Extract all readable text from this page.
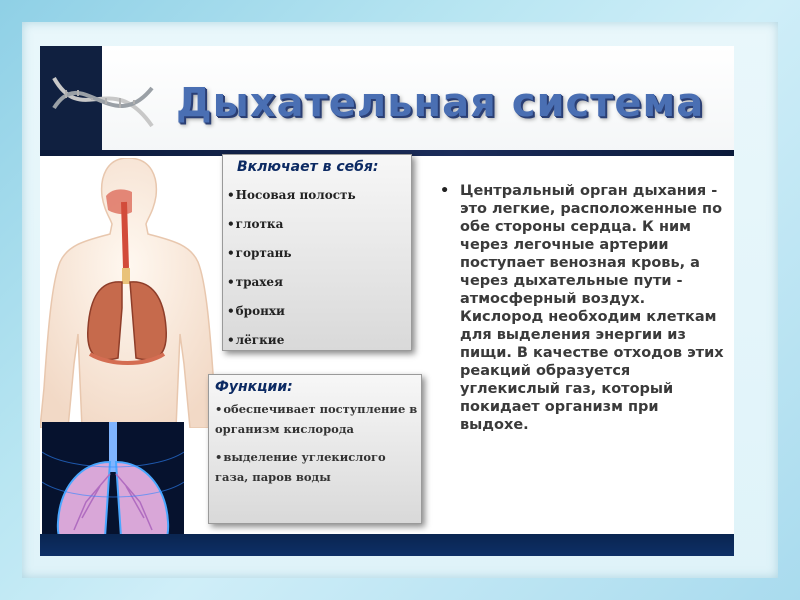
Дыхательная система
Включает в себя:
• Носовая полость
• глотка
• гортань
• трахея
• бронхи
• лёгкие
Функции:
• обеспечивает поступление в организм кислорода
• выделение углекислого газа, паров воды
• Центральный орган дыхания - это легкие, расположенные по обе стороны сердца. К ним через легочные артерии поступает венозная кровь, а через дыхательные пути - атмосферный воздух. Кислород необходим клеткам для выделения энергии из пищи. В качестве отходов этих реакций образуется углекислый газ, который покидает организм при выдохе.
